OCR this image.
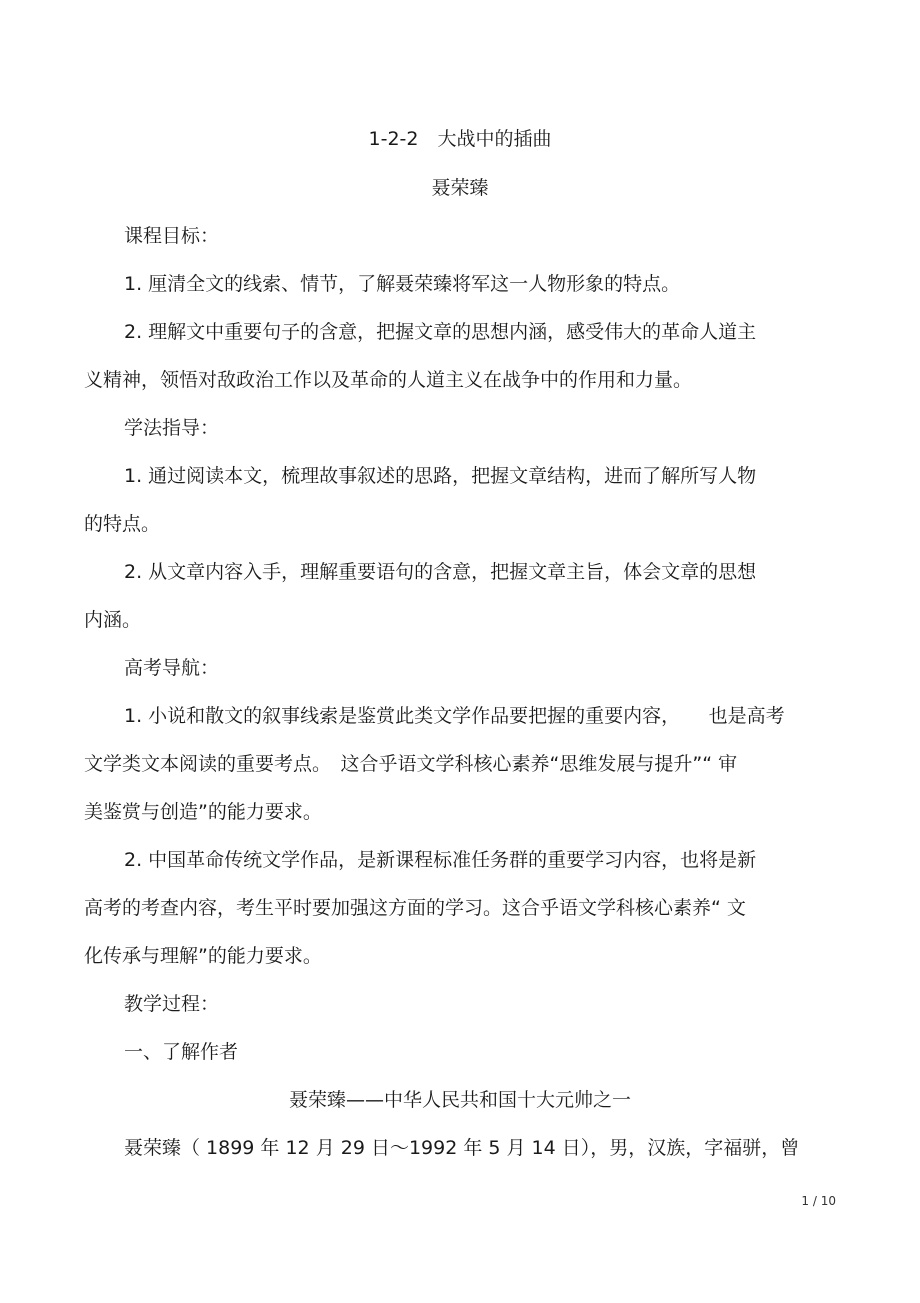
1-2-2　大战中的插曲

聂荣臻

课程目标：

1. 厘清全文的线索、情节，了解聂荣臻将军这一人物形象的特点。

2. 理解文中重要句子的含意，把握文章的思想内涵，感受伟大的革命人道主

义精神，领悟对敌政治工作以及革命的人道主义在战争中的作用和力量。

学法指导：

1. 通过阅读本文，梳理故事叙述的思路，把握文章结构，进而了解所写人物

的特点。

2. 从文章内容入手，理解重要语句的含意，把握文章主旨，体会文章的思想

内涵。

高考导航：

1. 小说和散文的叙事线索是鉴赏此类文学作品要把握的重要内容，　　也是高考

文学类文本阅读的重要考点。　这合乎语文学科核心素养“思维发展与提升”“ 审

美鉴赏与创造”的能力要求。

2. 中国革命传统文学作品，是新课程标准任务群的重要学习内容，也将是新

高考的考查内容，考生平时要加强这方面的学习。这合乎语文学科核心素养“ 文

化传承与理解”的能力要求。

教学过程：

一、了解作者

聂荣臻——中华人民共和国十大元帅之一

聂荣臻（ 1899 年 12 月 29 日～1992 年 5 月 14 日），男，汉族，字福骈，曾

1 / 10
